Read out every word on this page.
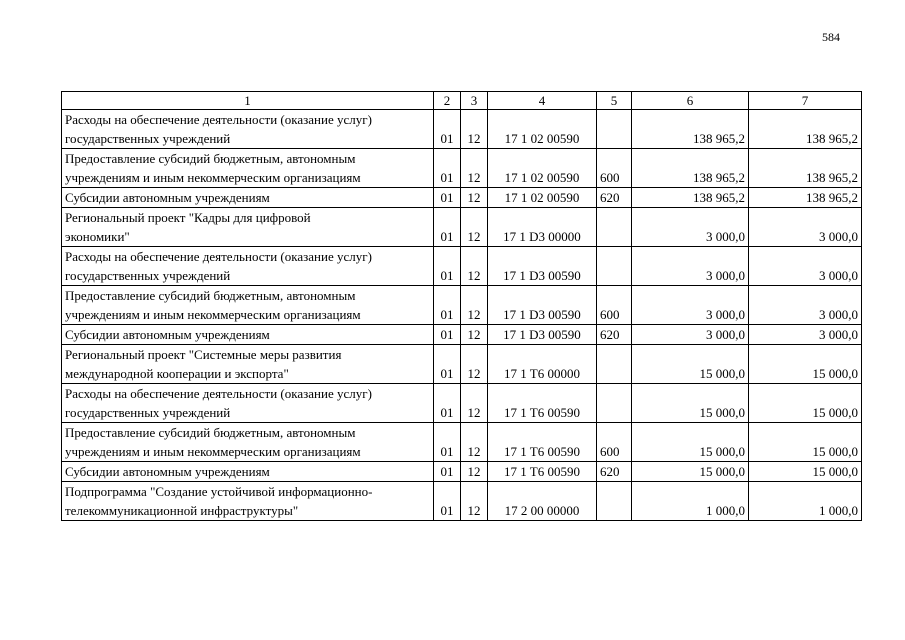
584
1	2	3	4	5	6	7

Расходы на обеспечение деятельности (оказание услуг)
государственных учреждений	01	12	17 1 02 00590		138 965,2	138 965,2

Предоставление субсидий бюджетным, автономным
учреждениям и иным некоммерческим организациям	01	12	17 1 02 00590	600	138 965,2	138 965,2

Субсидии автономным учреждениям	01	12	17 1 02 00590	620	138 965,2	138 965,2

Региональный проект "Кадры для цифровой
экономики"	01	12	17 1 D3 00000		3 000,0	3 000,0

Расходы на обеспечение деятельности (оказание услуг)
государственных учреждений	01	12	17 1 D3 00590		3 000,0	3 000,0

Предоставление субсидий бюджетным, автономным
учреждениям и иным некоммерческим организациям	01	12	17 1 D3 00590	600	3 000,0	3 000,0

Субсидии автономным учреждениям	01	12	17 1 D3 00590	620	3 000,0	3 000,0

Региональный проект "Системные меры развития
международной кооперации и экспорта"	01	12	17 1 T6 00000		15 000,0	15 000,0

Расходы на обеспечение деятельности (оказание услуг)
государственных учреждений	01	12	17 1 T6 00590		15 000,0	15 000,0

Предоставление субсидий бюджетным, автономным
учреждениям и иным некоммерческим организациям	01	12	17 1 T6 00590	600	15 000,0	15 000,0

Субсидии автономным учреждениям	01	12	17 1 T6 00590	620	15 000,0	15 000,0

Подпрограмма "Создание устойчивой информационно-
телекоммуникационной инфраструктуры"	01	12	17 2 00 00000		1 000,0	1 000,0
